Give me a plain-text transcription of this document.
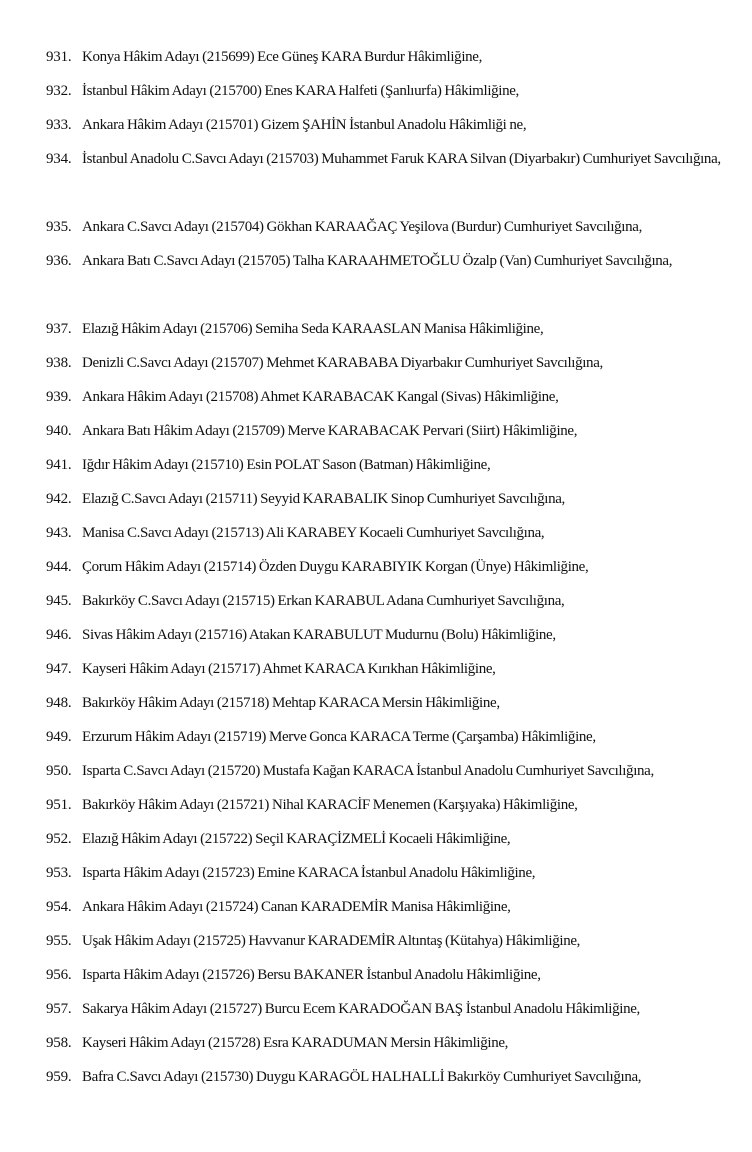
931. Konya Hâkim Adayı (215699) Ece Güneş KARA Burdur Hâkimliğine,
932. İstanbul Hâkim Adayı (215700) Enes KARA Halfeti (Şanlıurfa) Hâkimliğine,
933. Ankara Hâkim Adayı (215701) Gizem ŞAHİN İstanbul Anadolu Hâkimliği ne,
934. İstanbul Anadolu C.Savcı Adayı (215703) Muhammet Faruk KARA Silvan (Diyarbakır) Cumhuriyet Savcılığına,
935. Ankara C.Savcı Adayı (215704) Gökhan KARAAĞAÇ Yeşilova (Burdur) Cumhuriyet Savcılığına,
936. Ankara Batı C.Savcı Adayı (215705) Talha KARAAHMETOĞLU Özalp (Van) Cumhuriyet Savcılığına,
937. Elazığ Hâkim Adayı (215706) Semiha Seda KARAASLAN Manisa Hâkimliğine,
938. Denizli C.Savcı Adayı (215707) Mehmet KARABABA Diyarbakır Cumhuriyet Savcılığına,
939. Ankara Hâkim Adayı (215708) Ahmet KARABACAK Kangal (Sivas) Hâkimliğine,
940. Ankara Batı Hâkim Adayı (215709) Merve KARABACAK Pervari (Siirt) Hâkimliğine,
941. Iğdır Hâkim Adayı (215710) Esin POLAT Sason (Batman) Hâkimliğine,
942. Elazığ C.Savcı Adayı (215711) Seyyid KARABALIK Sinop Cumhuriyet Savcılığına,
943. Manisa C.Savcı Adayı (215713) Ali KARABEY Kocaeli Cumhuriyet Savcılığına,
944. Çorum Hâkim Adayı (215714) Özden Duygu KARABIYIK Korgan (Ünye) Hâkimliğine,
945. Bakırköy C.Savcı Adayı (215715) Erkan KARABUL Adana Cumhuriyet Savcılığına,
946. Sivas Hâkim Adayı (215716) Atakan KARABULUT Mudurnu (Bolu) Hâkimliğine,
947. Kayseri Hâkim Adayı (215717) Ahmet KARACA Kırıkhan Hâkimliğine,
948. Bakırköy Hâkim Adayı (215718) Mehtap KARACA Mersin Hâkimliğine,
949. Erzurum Hâkim Adayı (215719) Merve Gonca KARACA Terme (Çarşamba) Hâkimliğine,
950. Isparta C.Savcı Adayı (215720) Mustafa Kağan KARACA İstanbul Anadolu Cumhuriyet Savcılığına,
951. Bakırköy Hâkim Adayı (215721) Nihal KARACİF Menemen (Karşıyaka) Hâkimliğine,
952. Elazığ Hâkim Adayı (215722) Seçil KARAÇİZMELİ Kocaeli Hâkimliğine,
953. Isparta Hâkim Adayı (215723) Emine KARACA İstanbul Anadolu Hâkimliğine,
954. Ankara Hâkim Adayı (215724) Canan KARADEMİR Manisa Hâkimliğine,
955. Uşak Hâkim Adayı (215725) Havvanur KARADEMİR Altıntaş (Kütahya) Hâkimliğine,
956. Isparta Hâkim Adayı (215726) Bersu BAKANER İstanbul Anadolu Hâkimliğine,
957. Sakarya Hâkim Adayı (215727) Burcu Ecem KARADOĞAN BAŞ İstanbul Anadolu Hâkimliğine,
958. Kayseri Hâkim Adayı (215728) Esra KARADUMAN Mersin Hâkimliğine,
959. Bafra C.Savcı Adayı (215730) Duygu KARAGÖL HALHALLİ Bakırköy Cumhuriyet Savcılığına,
